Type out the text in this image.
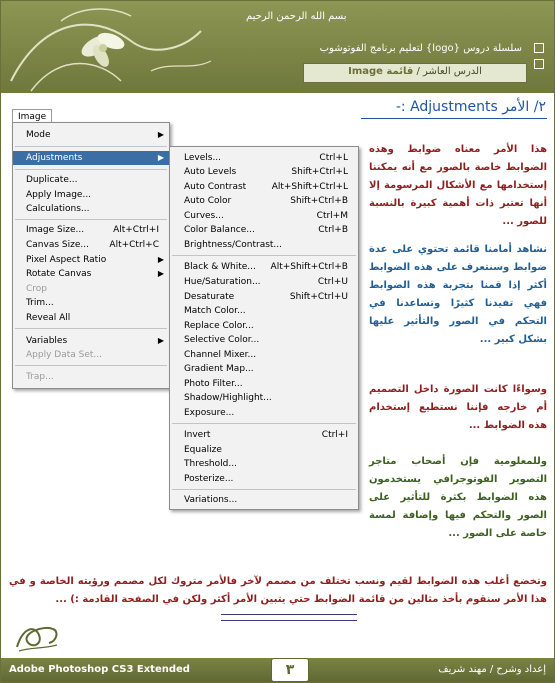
بسم الله الرحمن الرحيم
سلسلة دروس {logo} لتعليم برنامج الفوتوشوب
الدرس العاشر / قائمة Image
٢/ الأمر Adjustments :-
Image
Mode	▶
Adjustments	▶
Duplicate...
Apply Image...
Calculations...
Image Size...	Alt+Ctrl+I
Canvas Size... Alt+Ctrl+C
Pixel Aspect Ratio	▶
Rotate Canvas	▶
Crop
Trim...
Reveal All
Variables	▶
Apply Data Set...
Trap...
Levels...	Ctrl+L
Auto Levels	Shift+Ctrl+L
Auto Contrast	Alt+Shift+Ctrl+L
Auto Color	Shift+Ctrl+B
Curves...	Ctrl+M
Color Balance...	Ctrl+B
Brightness/Contrast...
Black & White... Alt+Shift+Ctrl+B
Hue/Saturation...	Ctrl+U
Desaturate	Shift+Ctrl+U
Match Color...
Replace Color...
Selective Color...
Channel Mixer...
Gradient Map...
Photo Filter...
Shadow/Highlight...
Exposure...
Invert	Ctrl+I
Equalize
Threshold...
Posterize...
Variations...
هذا الأمر معناه ضوابط وهذه الضوابط خاصة بالصور مع أنه يمكننا إستخدامها مع الأشكال المرسومة إلا أنها تعتبر ذات أهمية كبيرة بالنسبة للصور ...
نشاهد أمامنا قائمة تحتوي على عدة ضوابط وسنتعرف على هذه الضوابط أكثر إذا قمنا بتجربة هذه الضوابط فهي تفيدنا كثيرًا وتساعدنا في التحكم في الصور والتأثير عليها بشكل كبير ...
وسواءًا كانت الصورة داخل التصميم أم خارجه فإننا نستطيع إستخدام هذه الضوابط ...
وللمعلومية فإن أصحاب متاجر التصوير الفوتوجرافي يستخدمون هذه الضوابط بكثرة للتأثير على الصور والتحكم فيها وإضافة لمسة خاصة على الصور ...
وتخضع أغلب هذه الضوابط لقيم ونسب تختلف من مصمم لآخر فالأمر متروك لكل مصمم ورؤيته الخاصة و في هذا الأمر سنقوم بأخذ مثالين من قائمة الضوابط حتي يتبين الأمر أكثر ولكن في الصفحة القادمة :) ...
Adobe Photoshop CS3 Extended	٣	إعداد وشرح / مهند شريف
